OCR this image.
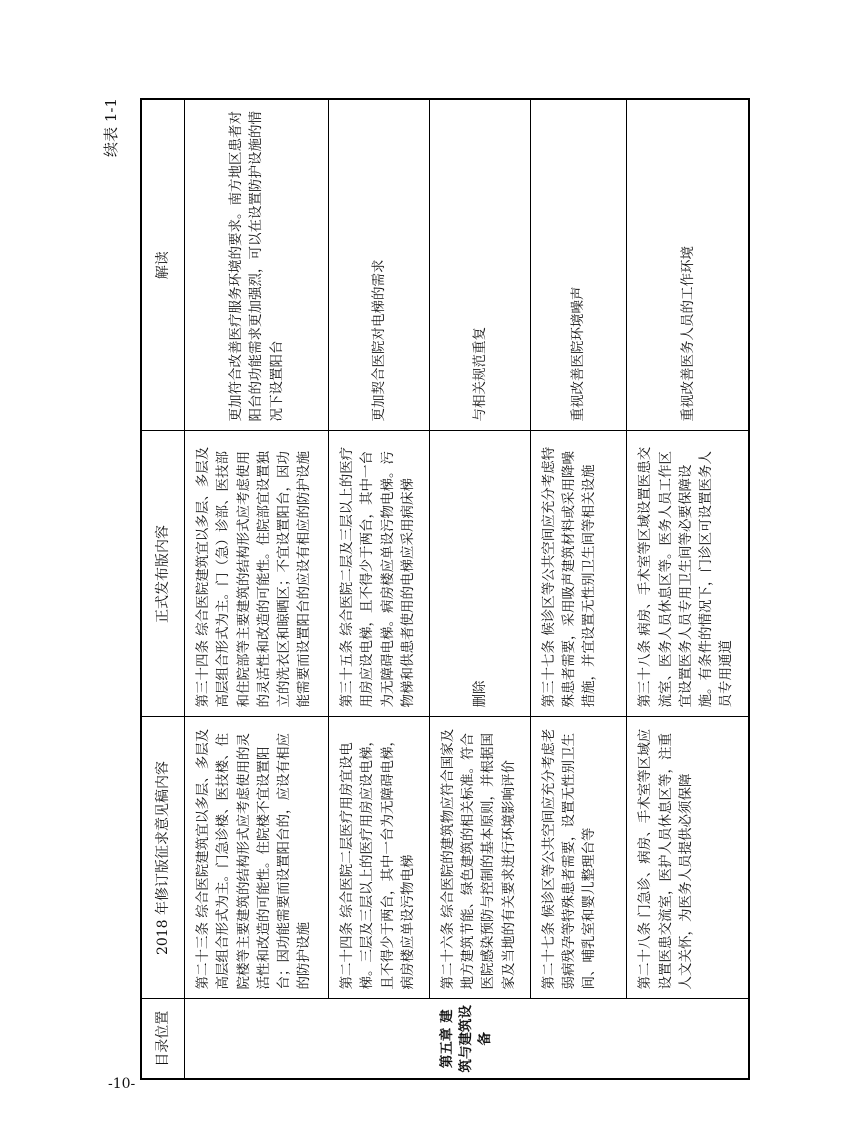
-10-
续表 1-1
目录位置	2018 年修订版征求意见稿内容	正式发布版内容	解读
第五章 建筑与建筑设备	第二十三条 综合医院建筑宜以多层、多层及高层组合形式为主。门急诊楼、医技楼、住院楼等主要建筑的结构形式应考虑使用的灵活性和改造的可能性。住院楼不宜设置阳台；因功能需要而设置阳台的，应设有相应的防护设施	第三十四条 综合医院建筑宜以多层、多层及高层组合形式为主。门（急）诊部、医技部和住院部等主要建筑的结构形式应考虑使用的灵活性和改造的可能性。住院部宜设置独立的洗衣区和晾晒区；不宜设置阳台，因功能需要而设置阳台的应设有相应的防护设施	更加符合改善医疗服务环境的要求。南方地区患者对阳台的功能需求更加强烈，可以在设置防护设施的情况下设置阳台
	第二十四条 综合医院二层医疗用房宜设电梯。三层及三层以上的医疗用房应设电梯，且不得少于两台，其中一台为无障碍电梯，病房楼应单设污物电梯	第三十五条 综合医院二层及三层以上的医疗用房应设电梯，且不得少于两台，其中一台为无障碍电梯。病房楼应单设污物电梯。污物梯和供患者使用的电梯应采用病床梯	更加契合医院对电梯的需求
	第二十六条 综合医院的建筑物应符合国家及地方建筑节能、绿色建筑的相关标准。符合医院感染预防与控制的基本原则，并根据国家及当地的有关要求进行环境影响评价	删除	与相关规范重复
	第二十七条 候诊区等公共空间应充分考虑老弱病残孕等特殊患者需要，设置无性别卫生间、哺乳室和婴儿整理台等	第三十七条 候诊区等公共空间应充分考虑特殊患者需要，采用吸声建筑材料或采用降噪措施，并宜设置无性别卫生间等相关设施	重视改善医院环境噪声
	第二十八条 门急诊、病房、手术室等区域应设置医患交流室，医护人员休息区等，注重人文关怀，为医务人员提供必须保障	第三十八条 病房、手术室等区域设置医患交流室、医务人员休息区等。医务人员工作区宜设置医务人员专用卫生间等必要保障设施。有条件的情况下，门诊区可设置医务人员专用通道	重视改善医务人员的工作环境
